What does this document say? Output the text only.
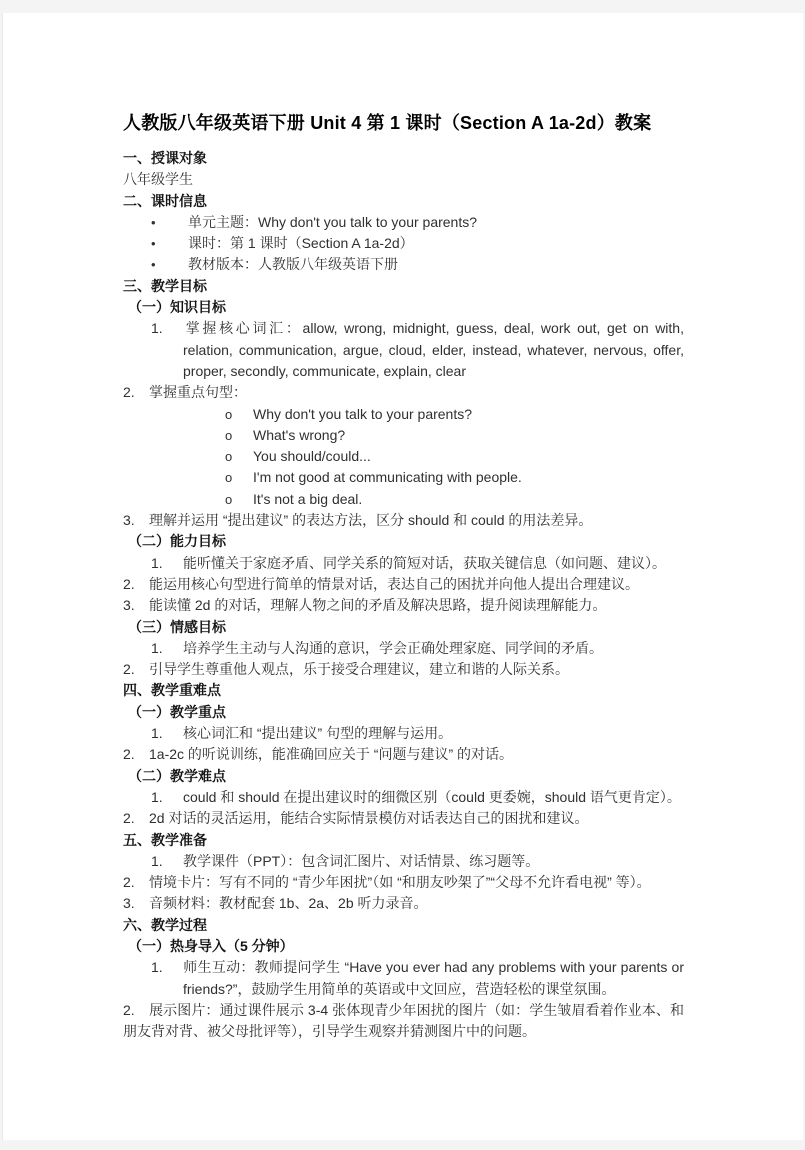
人教版八年级英语下册 Unit 4 第 1 课时（Section A 1a-2d）教案
一、授课对象
八年级学生
二、课时信息
• 单元主题：Why don't you talk to your parents?
• 课时：第 1 课时（Section A 1a-2d）
• 教材版本：人教版八年级英语下册
三、教学目标
（一）知识目标
1. 掌握核心词汇：allow, wrong, midnight, guess, deal, work out, get on with, relation, communication, argue, cloud, elder, instead, whatever, nervous, offer, proper, secondly, communicate, explain, clear
2. 掌握重点句型：
o Why don't you talk to your parents?
o What's wrong?
o You should/could...
o I'm not good at communicating with people.
o It's not a big deal.
3. 理解并运用 “提出建议” 的表达方法，区分 should 和 could 的用法差异。
（二）能力目标
1. 能听懂关于家庭矛盾、同学关系的简短对话，获取关键信息（如问题、建议）。
2. 能运用核心句型进行简单的情景对话，表达自己的困扰并向他人提出合理建议。
3. 能读懂 2d 的对话，理解人物之间的矛盾及解决思路，提升阅读理解能力。
（三）情感目标
1. 培养学生主动与人沟通的意识，学会正确处理家庭、同学间的矛盾。
2. 引导学生尊重他人观点，乐于接受合理建议，建立和谐的人际关系。
四、教学重难点
（一）教学重点
1. 核心词汇和 “提出建议” 句型的理解与运用。
2. 1a-2c 的听说训练，能准确回应关于 “问题与建议” 的对话。
（二）教学难点
1. could 和 should 在提出建议时的细微区别（could 更委婉，should 语气更肯定）。
2. 2d 对话的灵活运用，能结合实际情景模仿对话表达自己的困扰和建议。
五、教学准备
1. 教学课件（PPT）：包含词汇图片、对话情景、练习题等。
2. 情境卡片：写有不同的 “青少年困扰”（如 “和朋友吵架了”“父母不允许看电视” 等）。
3. 音频材料：教材配套 1b、2a、2b 听力录音。
六、教学过程
（一）热身导入（5 分钟）
1. 师生互动：教师提问学生 “Have you ever had any problems with your parents or friends?”，鼓励学生用简单的英语或中文回应，营造轻松的课堂氛围。
2. 展示图片：通过课件展示 3-4 张体现青少年困扰的图片（如：学生皱眉看着作业本、和朋友背对背、被父母批评等），引导学生观察并猜测图片中的问题。
